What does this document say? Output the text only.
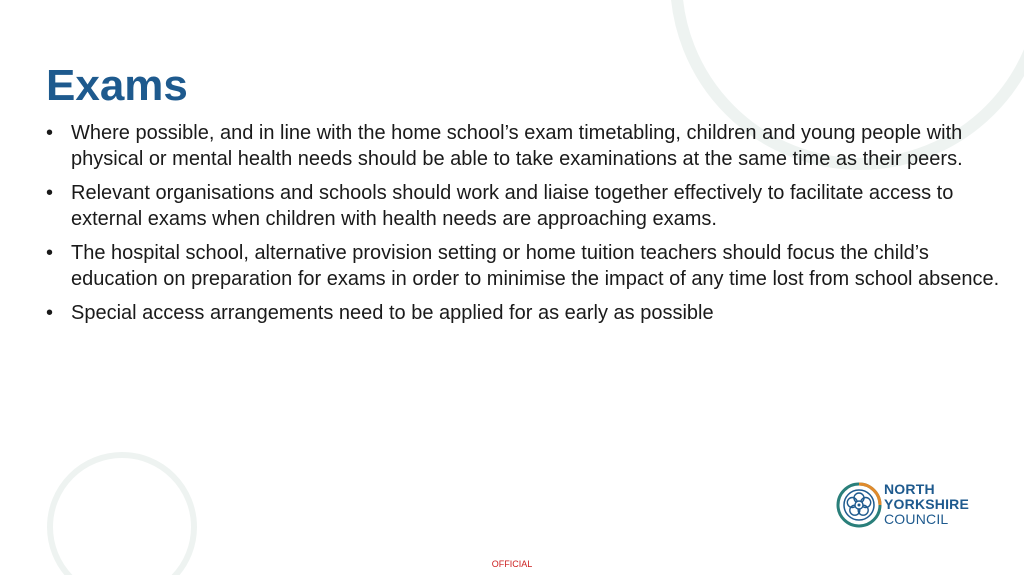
Exams
• Where possible, and in line with the home school’s exam timetabling, children and young people with physical or mental health needs should be able to take examinations at the same time as their peers.
• Relevant organisations and schools should work and liaise together effectively to facilitate access to external exams when children with health needs are approaching exams.
• The hospital school, alternative provision setting or home tuition teachers should focus the child’s education on preparation for exams in order to minimise the impact of any time lost from school absence.
• Special access arrangements need to be applied for as early as possible
NORTH
YORKSHIRE
COUNCIL
OFFICIAL
